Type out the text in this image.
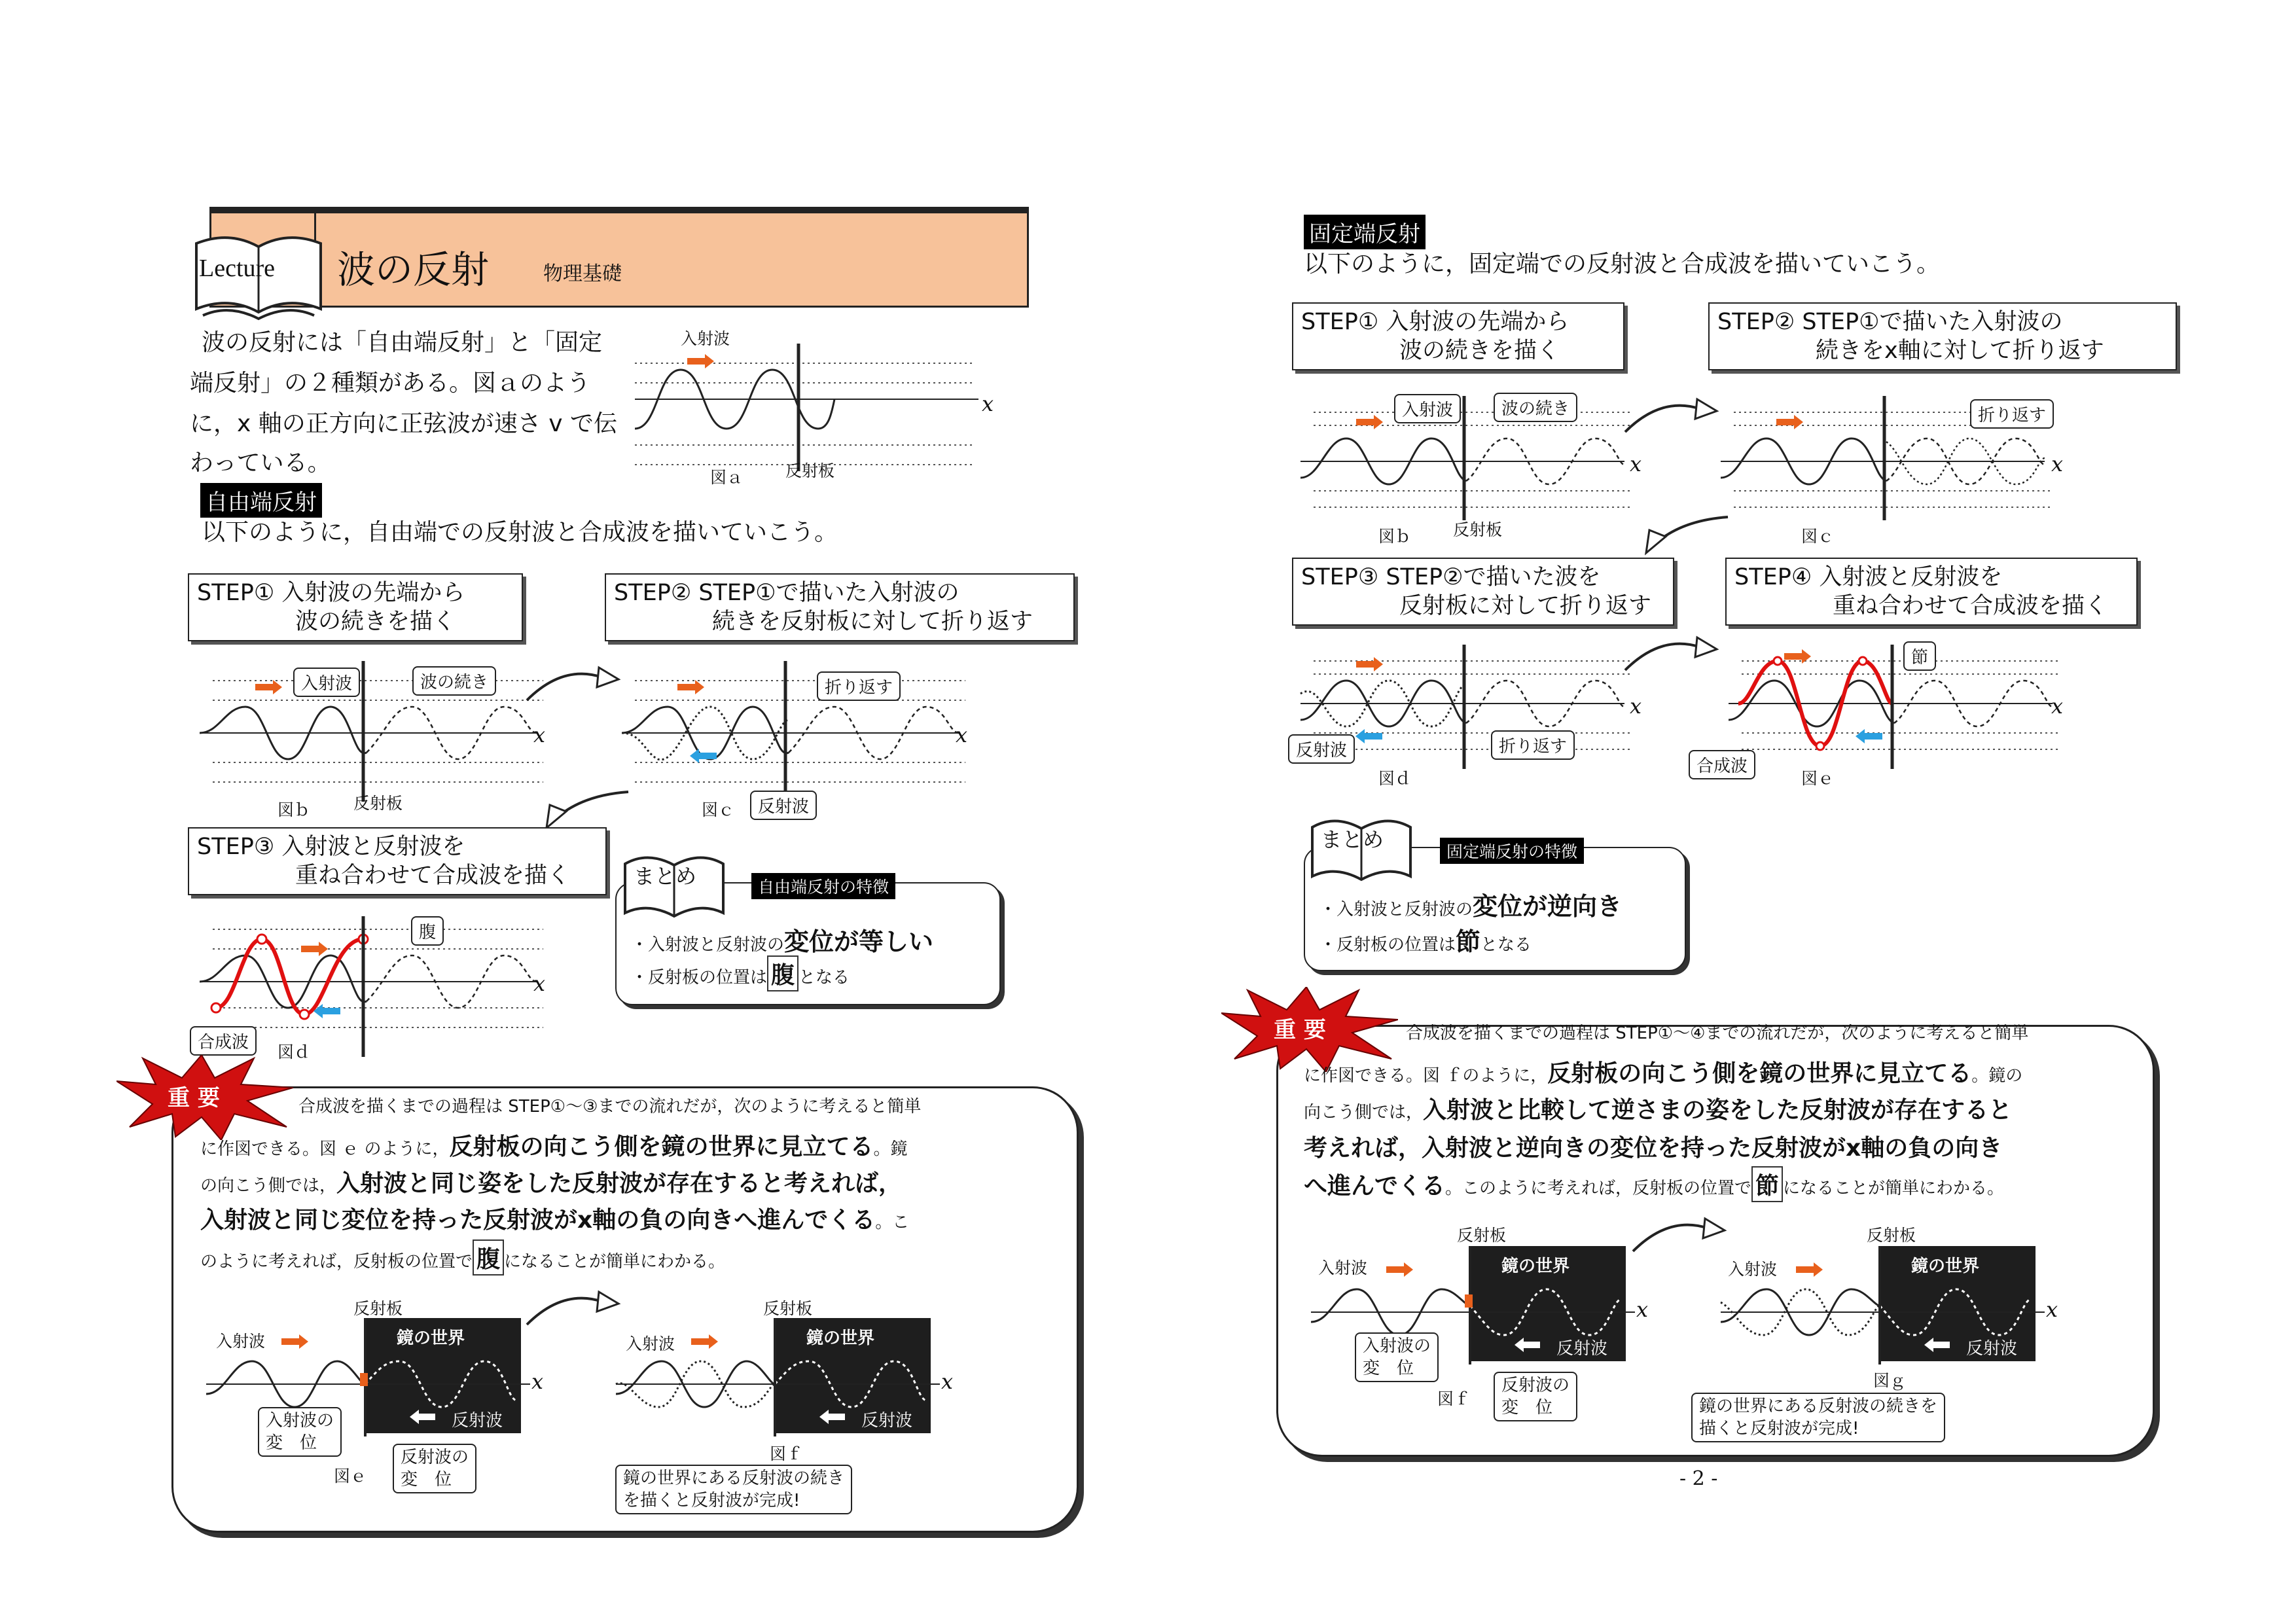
Lecture 波の反射	物理基礎
波の反射には「自由端反射」と「固定
端反射」の２種類がある。図ａのよう
に，x 軸の正方向に正弦波が速さ v で伝
わっている。
入射波
x
図ａ	反射板
自由端反射
以下のように，自由端での反射波と合成波を描いていこう。
STEP① 入射波の先端から
波の続きを描く
STEP② STEP①で描いた入射波の
続きを反射板に対して折り返す
入射波	波の続き
x
図ｂ	反射板
折り返す
x
図ｃ	反射波
STEP③ 入射波と反射波を
重ね合わせて合成波を描く
腹
x
合成波	図ｄ
まとめ	自由端反射の特徴
・入射波と反射波の変位が等しい
・反射板の位置は 腹 となる
重 要	合成波を描くまでの過程は STEP①～③までの流れだが，次のように考えると簡単
に作図できる。図 ｅ のように，反射板の向こう側を鏡の世界に見立てる。鏡
の向こう側では，入射波と同じ姿をした反射波が存在すると考えれば，
入射波と同じ変位を持った反射波がx軸の負の向きへ進んでくる。こ
のように考えれば，反射板の位置で 腹 になることが簡単にわかる。
反射板
入射波	鏡の世界
反射波
x
入射波の
変　位
反射波の
変　位
図ｅ
反射板
入射波	鏡の世界
反射波
x
図ｆ
鏡の世界にある反射波の続き
を描くと反射波が完成!
固定端反射
以下のように，固定端での反射波と合成波を描いていこう。
STEP① 入射波の先端から
波の続きを描く
STEP② STEP①で描いた入射波の
続きをx軸に対して折り返す
入射波	波の続き
x
図ｂ	反射板
折り返す
x
図ｃ
STEP③ STEP②で描いた波を
反射板に対して折り返す
STEP④ 入射波と反射波を
重ね合わせて合成波を描く
反射波	折り返す
x
図ｄ
節
x
合成波
図ｅ
まとめ	固定端反射の特徴
・入射波と反射波の変位が逆向き
・反射板の位置は節となる
重 要	合成波を描くまでの過程は STEP①～④までの流れだが，次のように考えると簡単
に作図できる。図 ｆのように，反射板の向こう側を鏡の世界に見立てる。鏡の
向こう側では，入射波と比較して逆さまの姿をした反射波が存在すると
考えれば，入射波と逆向きの変位を持った反射波がx軸の負の向き
へ進んでくる。このように考えれば，反射板の位置で 節 になることが簡単にわかる。
反射板
入射波	鏡の世界
反射波
x
入射波の
変　位
反射波の
変　位
図ｆ
反射板
入射波	鏡の世界
反射波
x
図ｇ
鏡の世界にある反射波の続きを
描くと反射波が完成!
- 2 -
